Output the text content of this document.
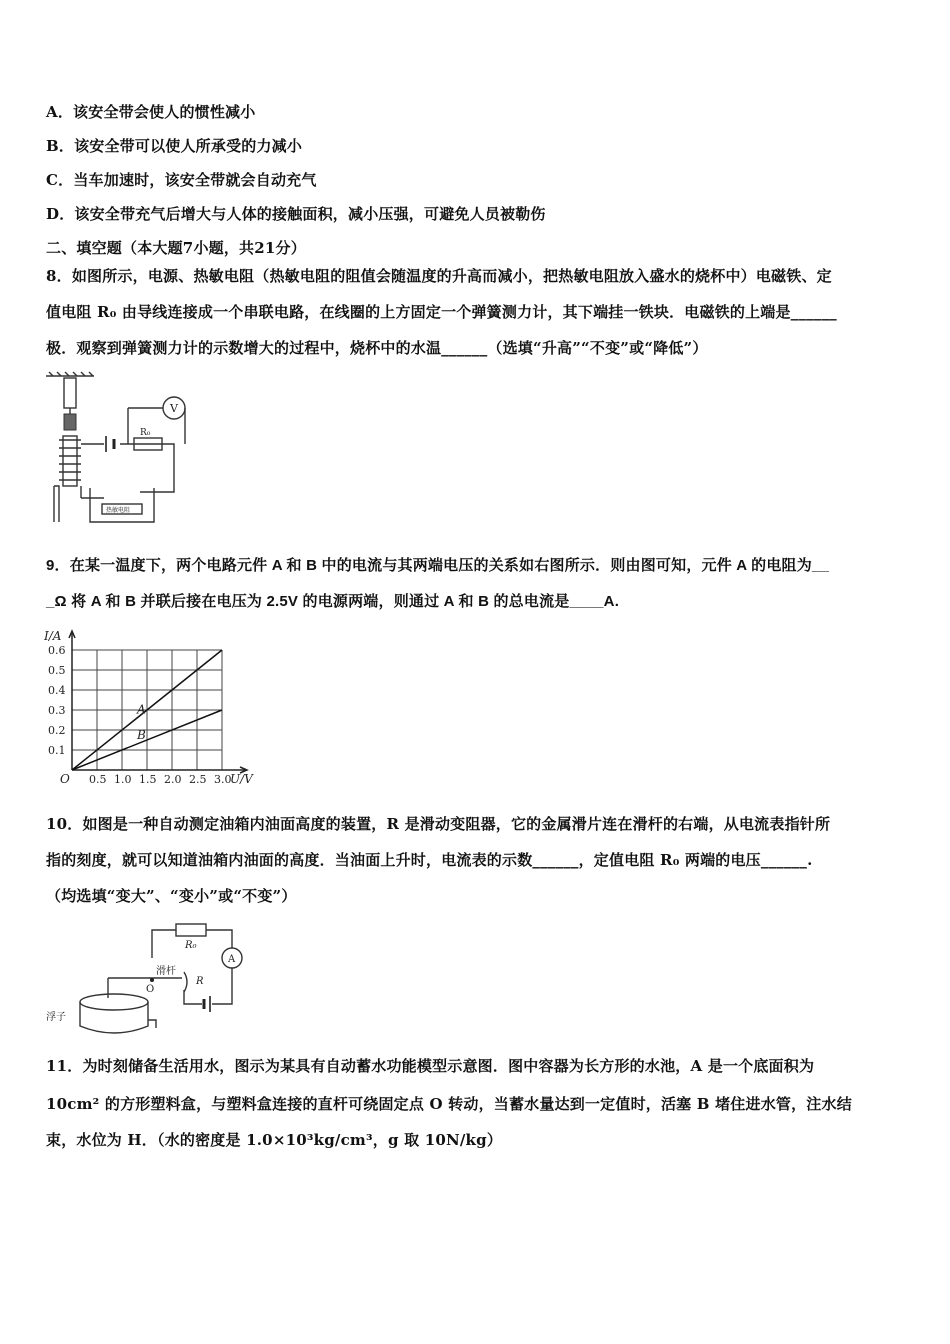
A．该安全带会使人的惯性减小
B．该安全带可以使人所承受的力减小
C．当车加速时，该安全带就会自动充气
D．该安全带充气后增大与人体的接触面积，减小压强，可避免人员被勒伤
二、填空题（本大题7小题，共21分）
8．如图所示，电源、热敏电阻（热敏电阻的阻值会随温度的升高而减小，把热敏电阻放入盛水的烧杯中）电磁铁、定
值电阻 R₀ 由导线连接成一个串联电路，在线圈的上方固定一个弹簧测力计，其下端挂一铁块．电磁铁的上端是______
极．观察到弹簧测力计的示数增大的过程中，烧杯中的水温______（选填“升高”“不变”或“降低”）
R₀
V
热敏电阻
9．在某一温度下，两个电路元件 A 和 B 中的电流与其两端电压的关系如右图所示．则由图可知，元件 A 的电阻为__
_Ω 将 A 和 B 并联后接在电压为 2.5V 的电源两端，则通过 A 和 B 的总电流是____A.
0.5 1.0 1.5 2.0 2.5 3.0
0.1
0.2
0.3
0.4
0.5
0.6
O
I/A
U/V
A
B
10．如图是一种自动测定油箱内油面高度的装置，R 是滑动变阻器，它的金属滑片连在滑杆的右端，从电流表指针所
指的刻度，就可以知道油箱内油面的高度．当油面上升时，电流表的示数______，定值电阻 R₀ 两端的电压______.
（均选填“变大”、“变小”或“不变”）
R₀
A
R
滑杆
O
浮子
11．为时刻储备生活用水，图示为某具有自动蓄水功能模型示意图．图中容器为长方形的水池，A 是一个底面积为
10cm² 的方形塑料盒，与塑料盒连接的直杆可绕固定点 O 转动，当蓄水量达到一定值时，活塞 B 堵住进水管，注水结
束，水位为 H．（水的密度是 1.0×10³kg/cm³，g 取 10N/kg）
